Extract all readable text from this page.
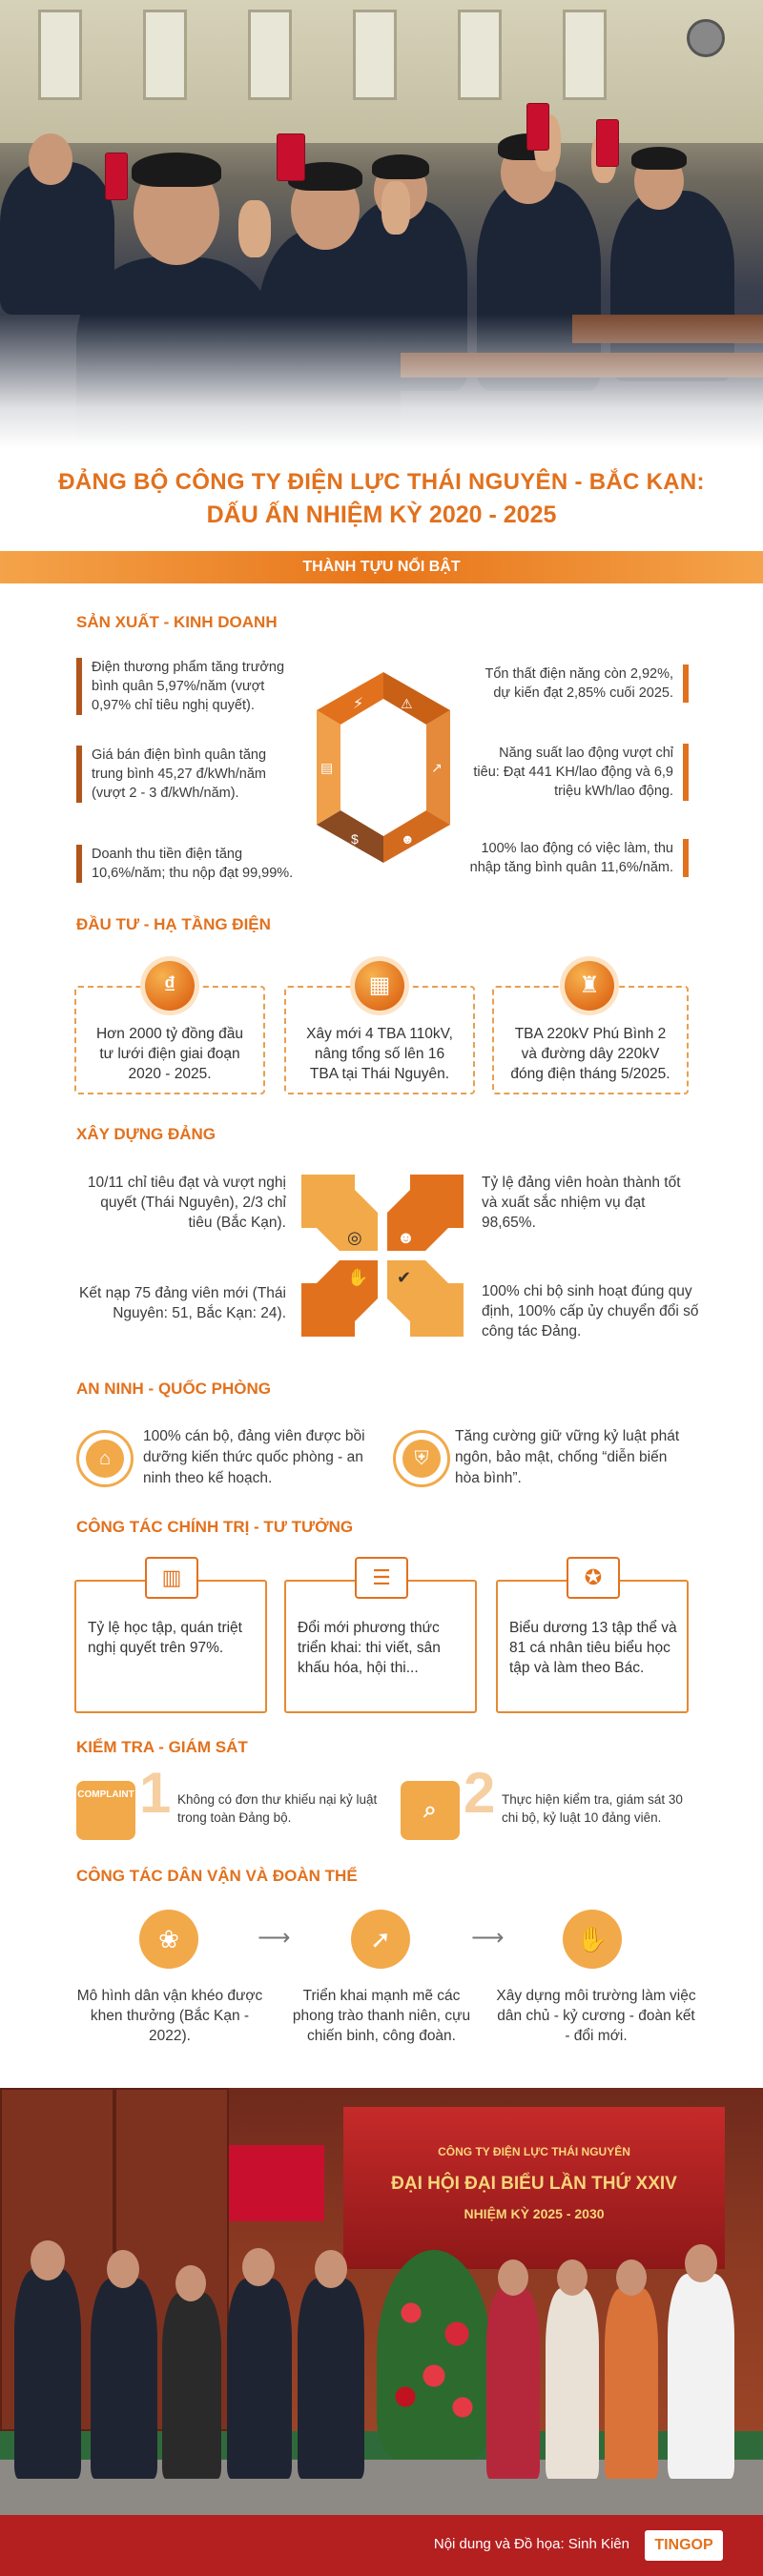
ĐẢNG BỘ CÔNG TY ĐIỆN LỰC THÁI NGUYÊN - BẮC KẠN:
DẤU ẤN NHIỆM KỲ 2020 - 2025
THÀNH TỰU NỔI BẬT
SẢN XUẤT - KINH DOANH
Điện thương phẩm tăng trưởng bình quân 5,97%/năm (vượt 0,97% chỉ tiêu nghị quyết).
Giá bán điện bình quân tăng trung bình 45,27 đ/kWh/năm (vượt 2 - 3 đ/kWh/năm).
Doanh thu tiền điện tăng 10,6%/năm; thu nộp đạt 99,99%.
Tổn thất điện năng còn 2,92%, dự kiến đạt 2,85% cuối 2025.
Năng suất lao động vượt chỉ tiêu: Đạt 441 KH/lao động và 6,9 triệu kWh/lao động.
100% lao động có việc làm, thu nhập tăng bình quân 11,6%/năm.
⚡	⚠
↗
☻
$
▤
ĐẦU TƯ - HẠ TẦNG ĐIỆN
Hơn 2000 tỷ đồng đầu tư lưới điện giai đoạn 2020 - 2025.
₫
Xây mới 4 TBA 110kV, nâng tổng số lên 16 TBA tại Thái Nguyên.
▦
TBA 220kV Phú Bình 2 và đường dây 220kV đóng điện tháng 5/2025.
♜
XÂY DỰNG ĐẢNG
10/11 chỉ tiêu đạt và vượt nghị quyết (Thái Nguyên), 2/3 chỉ tiêu (Bắc Kạn).
Tỷ lệ đảng viên hoàn thành tốt và xuất sắc nhiệm vụ đạt 98,65%.
Kết nạp 75 đảng viên mới (Thái Nguyên: 51, Bắc Kạn: 24).
100% chi bộ sinh hoạt đúng quy định, 100% cấp ủy chuyển đổi số công tác Đảng.
◎ ☻
✋ ✔
AN NINH - QUỐC PHÒNG
⌂
100% cán bộ, đảng viên được bồi dưỡng kiến thức quốc phòng - an ninh theo kế hoạch.
⛨
Tăng cường giữ vững kỷ luật phát ngôn, bảo mật, chống “diễn biến hòa bình”.
CÔNG TÁC CHÍNH TRỊ - TƯ TƯỞNG
Tỷ lệ học tập, quán triệt nghị quyết trên 97%.
▥
Đổi mới phương thức triển khai: thi viết, sân khấu hóa, hội thi...
☰
Biểu dương 13 tập thể và 81 cá nhân tiêu biểu học tập và làm theo Bác.
✪
KIỂM TRA - GIÁM SÁT
1
COMPLAINT	Không có đơn thư khiếu nại kỷ luật trong toàn Đảng bộ.	2
⌕	Thực hiện kiểm tra, giám sát 30 chi bộ, kỷ luật 10 đảng viên.
CÔNG TÁC DÂN VẬN VÀ ĐOÀN THỂ
❀	⟶	➚	⟶	✋
Mô hình dân vận khéo được khen thưởng (Bắc Kạn - 2022).
Triển khai mạnh mẽ các phong trào thanh niên, cựu chiến binh, công đoàn.
Xây dựng môi trường làm việc dân chủ - kỷ cương - đoàn kết - đổi mới.
CÔNG TY ĐIỆN LỰC THÁI NGUYÊN
ĐẠI HỘI ĐẠI BIỂU LẦN THỨ XXIV
NHIỆM KỲ 2025 - 2030
Nội dung và Đồ họa: Sinh Kiên	TINGOP
